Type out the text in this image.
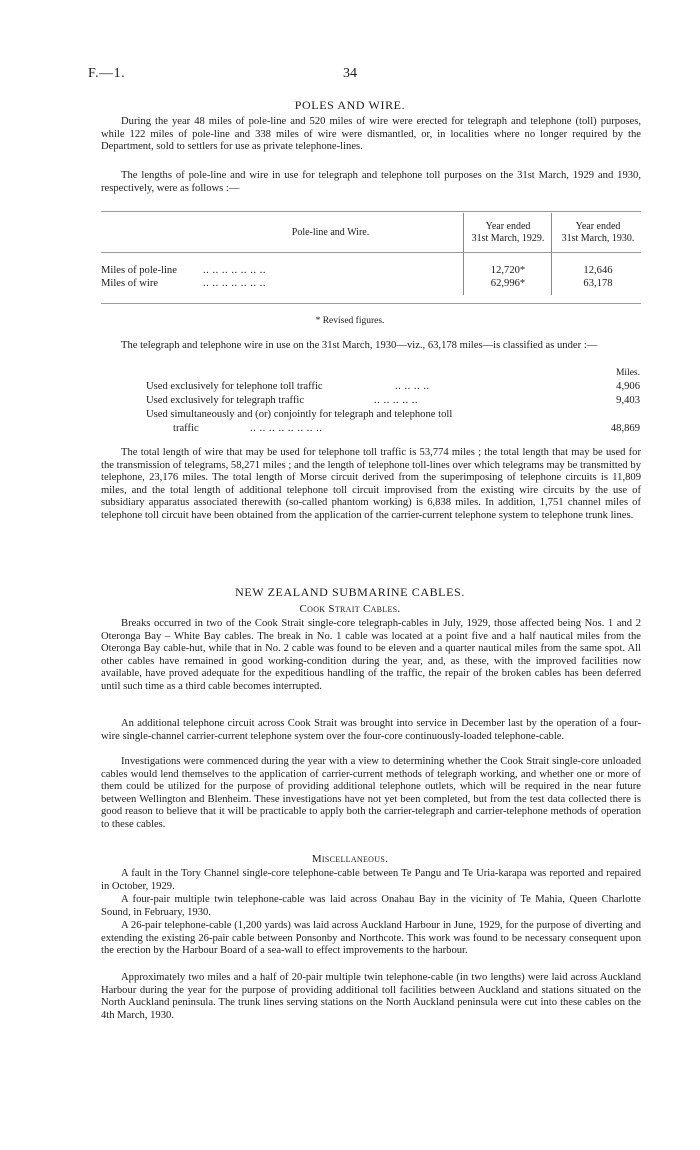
F.—1.	34
POLES AND WIRE.

During the year 48 miles of pole-line and 520 miles of wire were erected for telegraph and telephone (toll) purposes, while 122 miles of pole-line and 338 miles of wire were dismantled, or, in localities where no longer required by the Department, sold to settlers for use as private telephone-lines.

The lengths of pole-line and wire in use for telegraph and telephone toll purposes on the 31st March, 1929 and 1930, respectively, were as follows :—

Pole-line and Wire.
Year ended
31st March, 1929.
Year ended
31st March, 1930.
Miles of pole-line .. .. .. .. .. .. ..	12,720*	12,646
Miles of wire	.. .. .. .. .. .. ..	62,996*	63,178
* Revised figures.

The telegraph and telephone wire in use on the 31st March, 1930—viz., 63,178 miles—is classified as under :—

Miles.
Used exclusively for telephone toll traffic	.. .. .. ..	4,906
Used exclusively for telegraph traffic	.. .. .. .. ..	9,403
Used simultaneously and (or) conjointly for telegraph and telephone toll
traffic	.. .. .. .. .. .. .. ..	48,869

The total length of wire that may be used for telephone toll traffic is 53,774 miles ; the total length that may be used for the transmission of telegrams, 58,271 miles ; and the length of telephone toll-lines over which telegrams may be transmitted by telephone, 23,176 miles. The total length of Morse circuit derived from the superimposing of telephone circuits is 11,809 miles, and the total length of additional telephone toll circuit improvised from the existing wire circuits by the use of subsidiary apparatus associated therewith (so-called phantom working) is 6,838 miles. In addition, 1,751 channel miles of telephone toll circuit have been obtained from the application of the carrier-current telephone system to telephone trunk lines.

NEW ZEALAND SUBMARINE CABLES.
Cook Strait Cables.

Breaks occurred in two of the Cook Strait single-core telegraph-cables in July, 1929, those affected being Nos. 1 and 2 Oteronga Bay – White Bay cables. The break in No. 1 cable was located at a point five and a half nautical miles from the Oteronga Bay cable-hut, while that in No. 2 cable was found to be eleven and a quarter nautical miles from the same spot. All other cables have remained in good working-condition during the year, and, as these, with the improved facilities now available, have proved adequate for the expeditious handling of the traffic, the repair of the broken cables has been deferred until such time as a third cable becomes interrupted.

An additional telephone circuit across Cook Strait was brought into service in December last by the operation of a four-wire single-channel carrier-current telephone system over the four-core continuously-loaded telephone-cable.

Investigations were commenced during the year with a view to determining whether the Cook Strait single-core unloaded cables would lend themselves to the application of carrier-current methods of telegraph working, and whether one or more of them could be utilized for the purpose of providing additional telephone outlets, which will be required in the near future between Wellington and Blenheim. These investigations have not yet been completed, but from the test data collected there is good reason to believe that it will be practicable to apply both the carrier-telegraph and carrier-telephone methods of operation to these cables.

Miscellaneous.

A fault in the Tory Channel single-core telephone-cable between Te Pangu and Te Uria-karapa was reported and repaired in October, 1929.

A four-pair multiple twin telephone-cable was laid across Onahau Bay in the vicinity of Te Mahia, Queen Charlotte Sound, in February, 1930.

A 26-pair telephone-cable (1,200 yards) was laid across Auckland Harbour in June, 1929, for the purpose of diverting and extending the existing 26-pair cable between Ponsonby and Northcote. This work was found to be necessary consequent upon the erection by the Harbour Board of a sea-wall to effect improvements to the harbour.

Approximately two miles and a half of 20-pair multiple twin telephone-cable (in two lengths) were laid across Auckland Harbour during the year for the purpose of providing additional toll facilities between Auckland and stations situated on the North Auckland peninsula. The trunk lines serving stations on the North Auckland peninsula were cut into these cables on the 4th March, 1930.
